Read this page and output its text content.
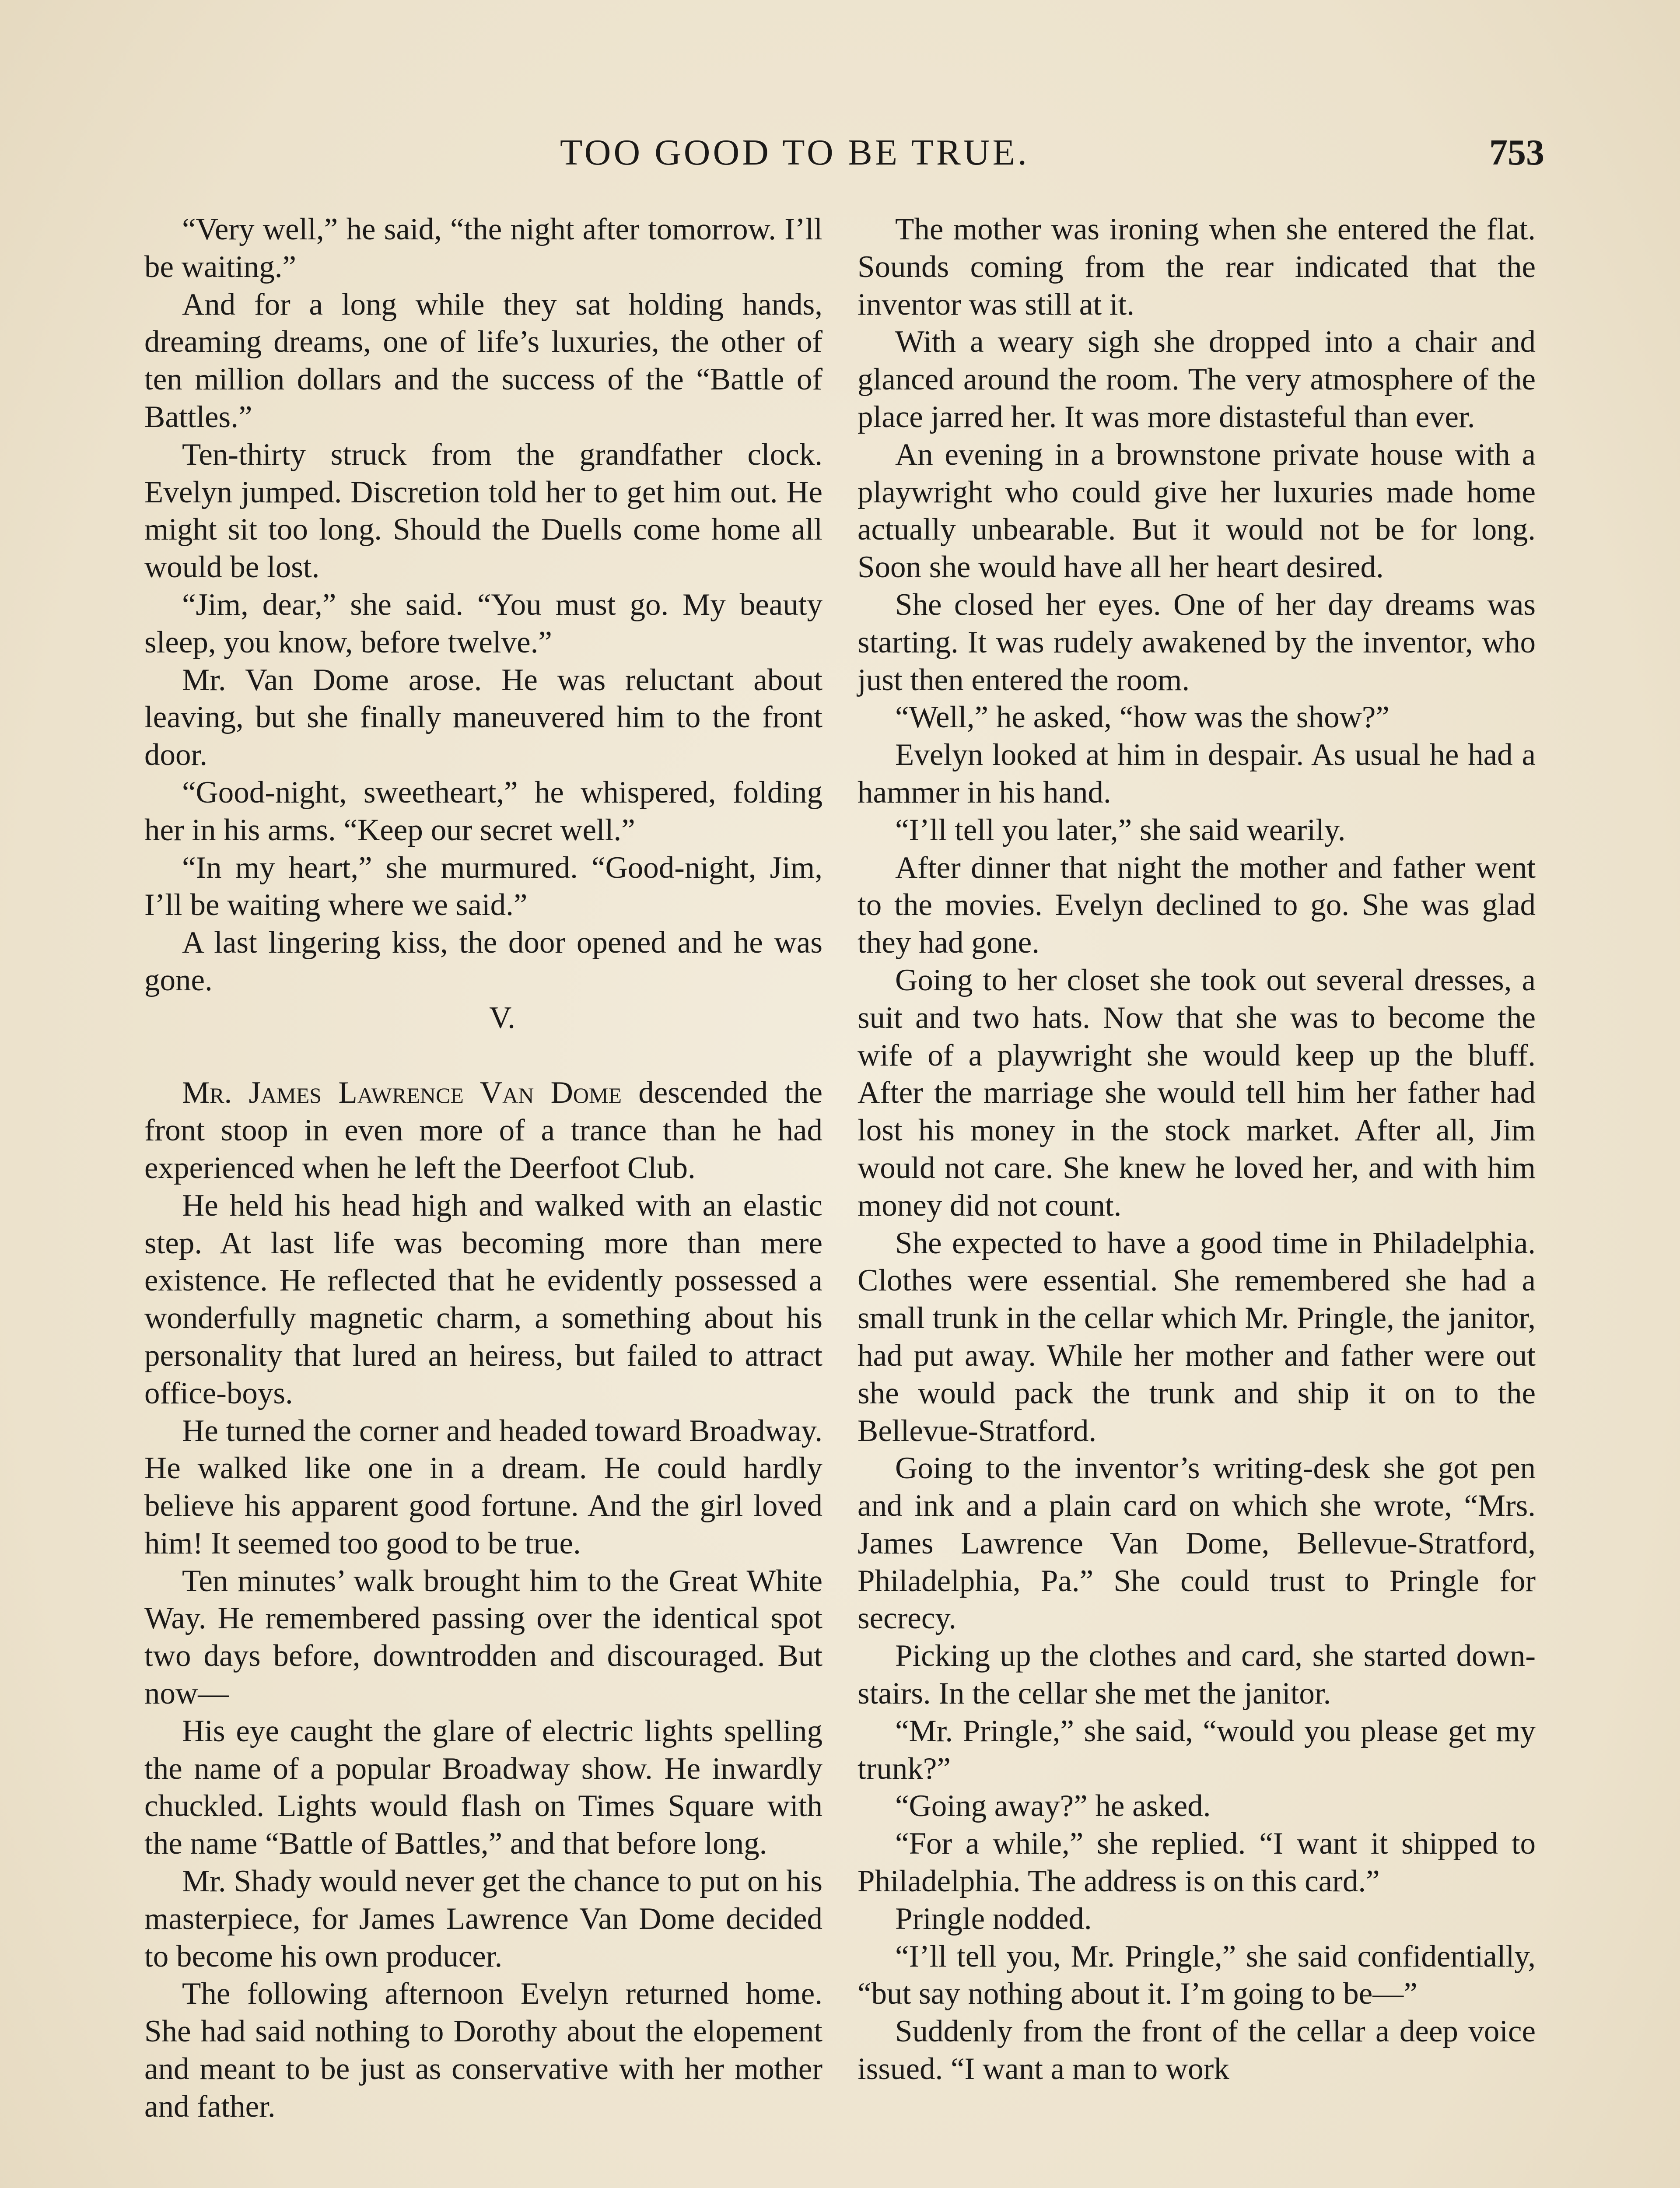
TOO GOOD TO BE TRUE.	753

“Very well,” he said, “the night after tomorrow. I’ll be waiting.”

And for a long while they sat holding hands, dreaming dreams, one of life’s luxuries, the other of ten million dollars and the success of the “Battle of Battles.”

Ten-thirty struck from the grandfather clock. Evelyn jumped. Discretion told her to get him out. He might sit too long. Should the Duells come home all would be lost.

“Jim, dear,” she said. “You must go. My beauty sleep, you know, before twelve.”

Mr. Van Dome arose. He was reluctant about leaving, but she finally maneuvered him to the front door.

“Good-night, sweetheart,” he whispered, folding her in his arms. “Keep our secret well.”

“In my heart,” she murmured. “Good-night, Jim, I’ll be waiting where we said.”

A last lingering kiss, the door opened and he was gone.

V.

Mr. James Lawrence Van Dome descended the front stoop in even more of a trance than he had experienced when he left the Deerfoot Club.

He held his head high and walked with an elastic step. At last life was becoming more than mere existence. He reflected that he evidently possessed a wonderfully magnetic charm, a something about his personality that lured an heiress, but failed to attract office-boys.

He turned the corner and headed toward Broadway. He walked like one in a dream. He could hardly believe his apparent good fortune. And the girl loved him! It seemed too good to be true.

Ten minutes’ walk brought him to the Great White Way. He remembered passing over the identical spot two days before, downtrodden and discouraged. But now—

His eye caught the glare of electric lights spelling the name of a popular Broadway show. He inwardly chuckled. Lights would flash on Times Square with the name “Battle of Battles,” and that before long.

Mr. Shady would never get the chance to put on his masterpiece, for James Lawrence Van Dome decided to become his own producer.

The following afternoon Evelyn returned home. She had said nothing to Dorothy about the elopement and meant to be just as conservative with her mother and father.

The mother was ironing when she entered the flat. Sounds coming from the rear indicated that the inventor was still at it.

With a weary sigh she dropped into a chair and glanced around the room. The very atmosphere of the place jarred her. It was more distasteful than ever.

An evening in a brownstone private house with a playwright who could give her luxuries made home actually unbearable. But it would not be for long. Soon she would have all her heart desired.

She closed her eyes. One of her day dreams was starting. It was rudely awakened by the inventor, who just then entered the room.

“Well,” he asked, “how was the show?”

Evelyn looked at him in despair. As usual he had a hammer in his hand.

“I’ll tell you later,” she said wearily.

After dinner that night the mother and father went to the movies. Evelyn declined to go. She was glad they had gone.

Going to her closet she took out several dresses, a suit and two hats. Now that she was to become the wife of a playwright she would keep up the bluff. After the marriage she would tell him her father had lost his money in the stock market. After all, Jim would not care. She knew he loved her, and with him money did not count.

She expected to have a good time in Philadelphia. Clothes were essential. She remembered she had a small trunk in the cellar which Mr. Pringle, the janitor, had put away. While her mother and father were out she would pack the trunk and ship it on to the Bellevue-Stratford.

Going to the inventor’s writing-desk she got pen and ink and a plain card on which she wrote, “Mrs. James Lawrence Van Dome, Bellevue-Stratford, Philadelphia, Pa.” She could trust to Pringle for secrecy.

Picking up the clothes and card, she started down-stairs. In the cellar she met the janitor.

“Mr. Pringle,” she said, “would you please get my trunk?”

“Going away?” he asked.

“For a while,” she replied. “I want it shipped to Philadelphia. The address is on this card.”

Pringle nodded.

“I’ll tell you, Mr. Pringle,” she said confidentially, “but say nothing about it. I’m going to be—”

Suddenly from the front of the cellar a deep voice issued. “I want a man to work
